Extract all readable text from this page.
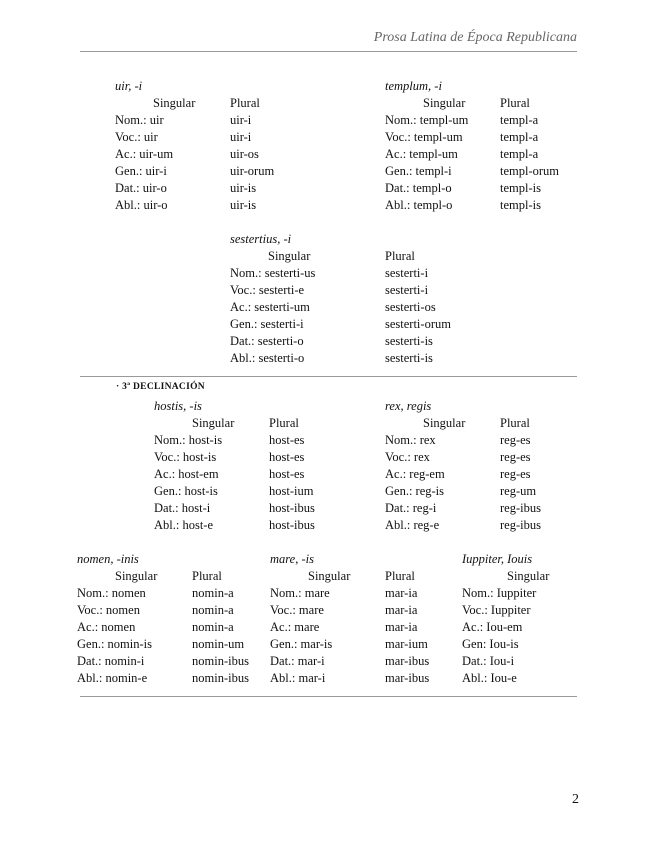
Prosa Latina de Época Republicana
uir, -i
Singular	Plural
Nom.: uir	uir-i
Voc.: uir	uir-i
Ac.: uir-um	uir-os
Gen.: uir-i	uir-orum
Dat.: uir-o	uir-is
Abl.: uir-o	uir-is
templum, -i
Singular	Plural
Nom.: templ-um	templ-a
Voc.: templ-um	templ-a
Ac.: templ-um	templ-a
Gen.: templ-i	templ-orum
Dat.: templ-o	templ-is
Abl.: templ-o	templ-is
sestertius, -i
Singular	Plural
Nom.: sesterti-us	sesterti-i
Voc.: sesterti-e	sesterti-i
Ac.: sesterti-um	sesterti-os
Gen.: sesterti-i	sesterti-orum
Dat.: sesterti-o	sesterti-is
Abl.: sesterti-o	sesterti-is
· 3ª DECLINACIÓN
hostis, -is
Singular	Plural
Nom.: host-is	host-es
Voc.: host-is	host-es
Ac.: host-em	host-es
Gen.: host-is	host-ium
Dat.: host-i	host-ibus
Abl.: host-e	host-ibus
rex, regis
Singular	Plural
Nom.: rex	reg-es
Voc.: rex	reg-es
Ac.: reg-em	reg-es
Gen.: reg-is	reg-um
Dat.: reg-i	reg-ibus
Abl.: reg-e	reg-ibus
nomen, -inis
Singular	Plural
Nom.: nomen	nomin-a
Voc.: nomen	nomin-a
Ac.: nomen	nomin-a
Gen.: nomin-is	nomin-um
Dat.: nomin-i	nomin-ibus
Abl.: nomin-e	nomin-ibus
mare, -is
Singular	Plural
Nom.: mare	mar-ia
Voc.: mare	mar-ia
Ac.: mare	mar-ia
Gen.: mar-is	mar-ium
Dat.: mar-i	mar-ibus
Abl.: mar-i	mar-ibus
Iuppiter, Iouis
Singular
Nom.: Iuppiter
Voc.: Iuppiter
Ac.: Iou-em
Gen: Iou-is
Dat.: Iou-i
Abl.: Iou-e
2
